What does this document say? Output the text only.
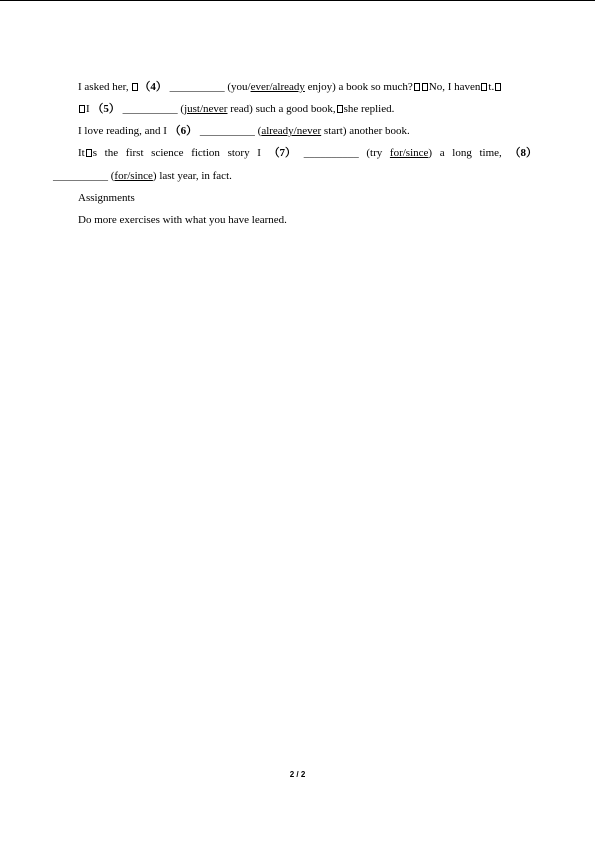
I asked her, （4） __________ (you/ever/already enjoy) a book so much? No, I haven t.
I （5） __________ (just/never read) such a good book, she replied.
I love reading, and I （6） __________ (already/never start) another book.
It s the first science fiction story I （7） __________ (try for/since) a long time, （8）
__________ (for/since) last year, in fact.
Assignments
Do more exercises with what you have learned.
2 / 2
